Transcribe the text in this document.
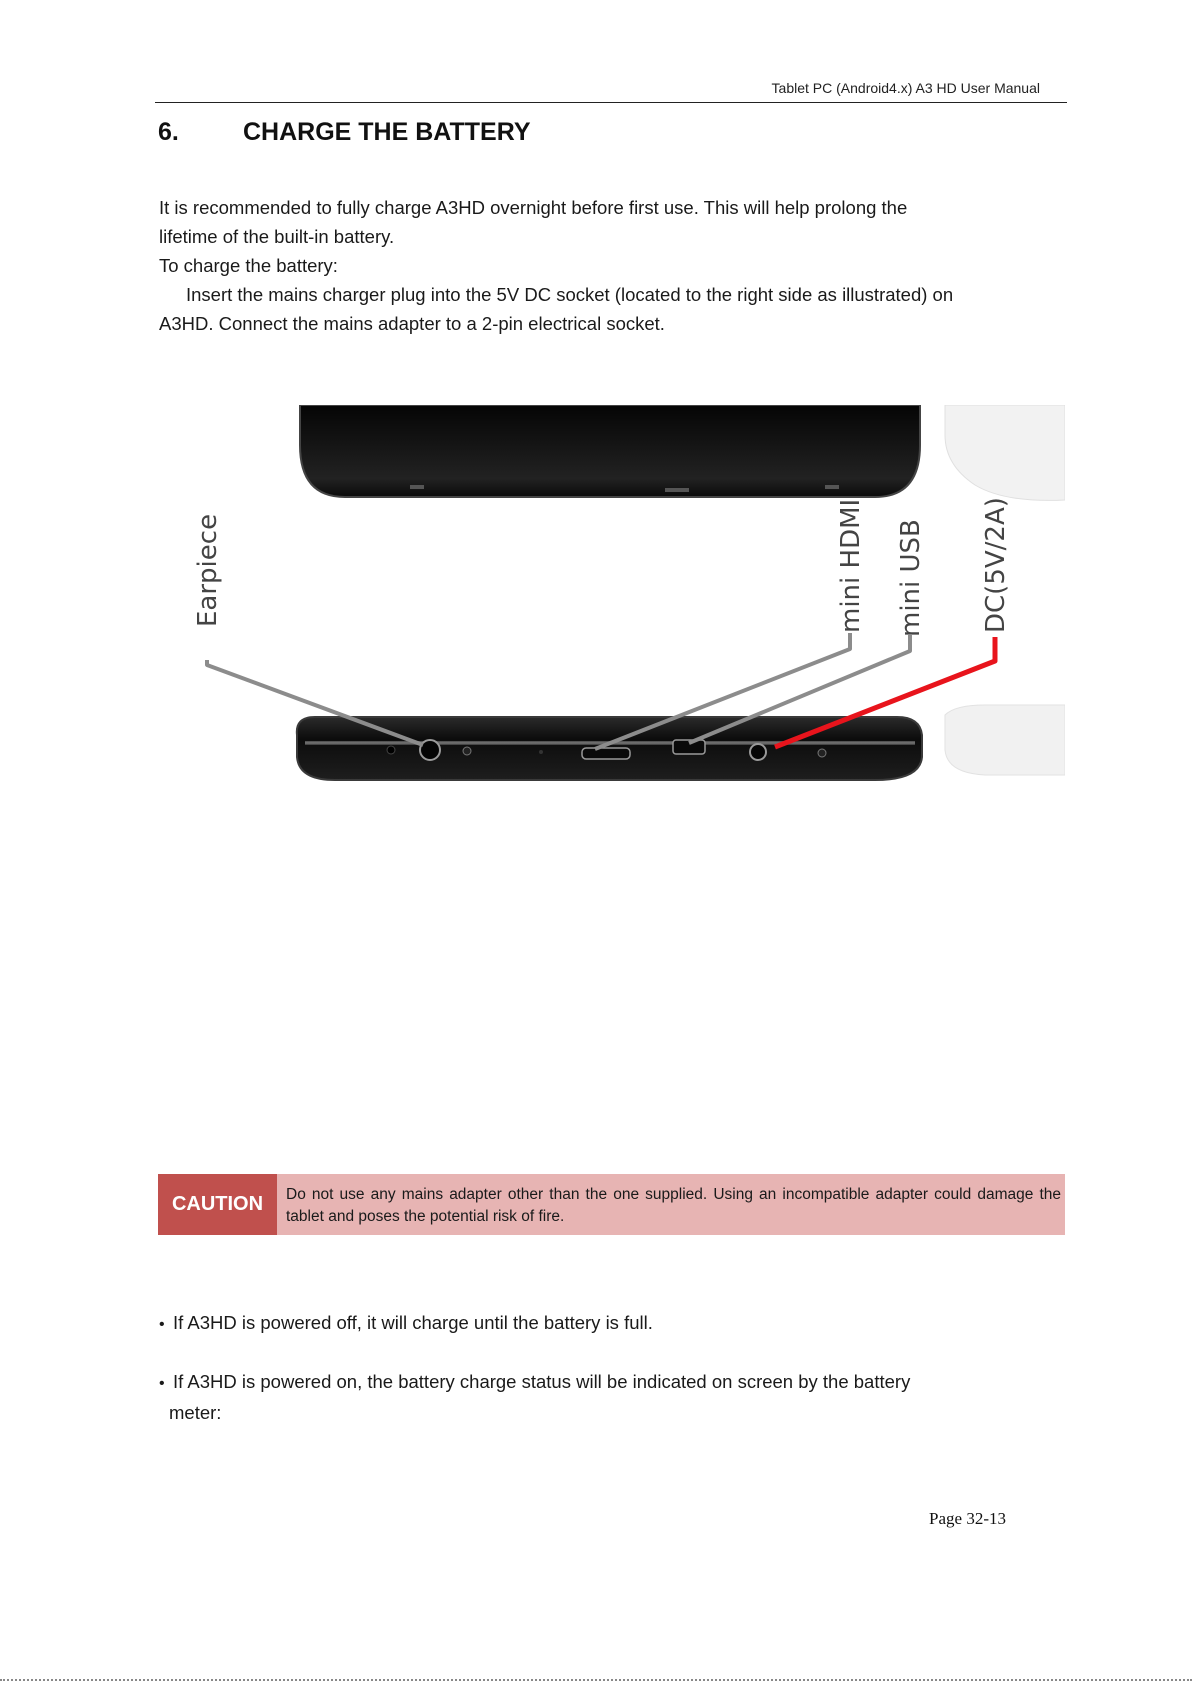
Tablet PC (Android4.x) A3 HD User Manual
6.	CHARGE THE BATTERY
It is recommended to fully charge A3HD overnight before first use. This will help prolong the
lifetime of the built-in battery.
To charge the battery:
Insert the mains charger plug into the 5V DC socket (located to the right side as illustrated) on
A3HD. Connect the mains adapter to a 2-pin electrical socket.
Earpiece	mini HDMI mini USB DC(5V/2A)
CAUTION	Do not use any mains adapter other than the one supplied. Using an incompatible adapter could damage the tablet and poses the potential risk of fire.
• If A3HD is powered off, it will charge until the battery is full.
• If A3HD is powered on, the battery charge status will be indicated on screen by the battery
meter:
Page 32-13
